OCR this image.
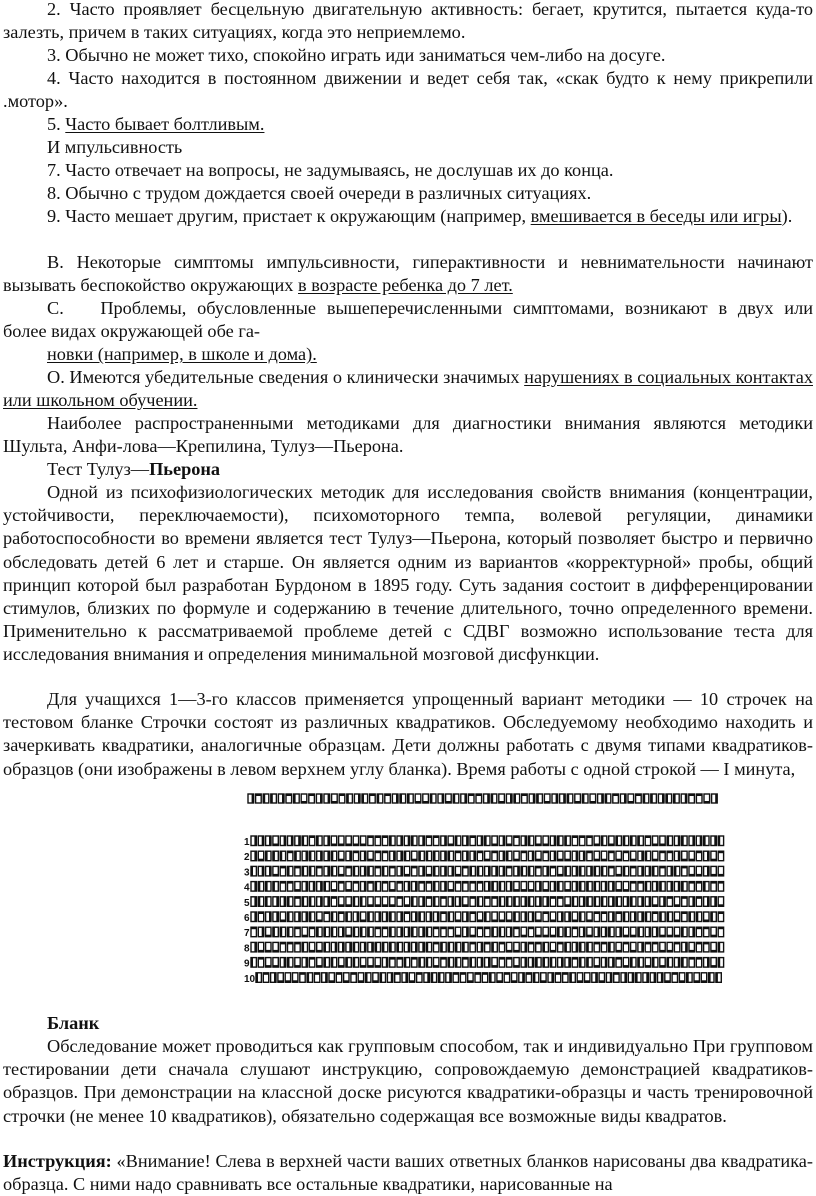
2. Часто проявляет бесцельную двигательную активность: бегает, крутится, пытается куда-то залезть, причем в таких ситуациях, когда это неприемлемо.

3. Обычно не может тихо, спокойно играть иди заниматься чем-либо на досуге.

4. Часто находится в постоянном движении и ведет себя так, «скак будто к нему прикрепили .мотор».

5. Часто бывает болтливым.

И мпульсивность

7. Часто отвечает на вопросы, не задумываясь, не дослушав их до конца.

8. Обычно с трудом дождается своей очереди в различных ситуациях.

9. Часто мешает другим, пристает к окружающим (например, вмешивается в беседы или игры).

В. Некоторые симптомы импульсивности, гиперактивности и невнимательности начинают вызывать беспокойство окружающих в возрасте ребенка до 7 лет.

С.  Проблемы, обусловленные вышеперечисленными симптомами, возникают в двух или более видах окружающей обе га-

новки (например, в школе и дома).

О. Имеются убедительные сведения о клинически значимых нарушениях в социальных контактах или школьном обучении.

Наиболее распространенными методиками для диагностики внимания являются методики Шульта, Анфи-лова—Крепилина, Тулуз—Пьерона.

Тест Тулуз—Пьерона

Одной из психофизиологических методик для исследования свойств внимания (концентрации, устойчивости, переключаемости), психомоторного темпа, волевой регуляции, динамики работоспособности во времени является тест Тулуз—Пьерона, который позволяет быстро и первично обследовать детей 6 лет и старше. Он является одним из вариантов «корректурной» пробы, общий принцип которой был разработан Бурдоном в 1895 году. Суть задания состоит в дифференцировании стимулов, близких по формуле и содержанию в течение длительного, точно определенного времени. Применительно к рассматриваемой проблеме детей с СДВГ возможно использование теста для исследования внимания и определения минимальной мозговой дисфункции.

Для учащихся 1—3-го классов применяется упрощенный вариант методики — 10 строчек на тестовом бланке Строчки состоят из различных квадратиков. Обследуемому необходимо находить и зачеркивать квадратики, аналогичные образцам. Дети должны работать с двумя типами квадратиков-образцов (они изображены в левом верхнем углу бланка). Время работы с одной строкой — I минута,

1
2
3
4
5
6
7
8
9
10

Бланк

Обследование может проводиться как групповым способом, так и индивидуально При групповом тестировании дети сначала слушают инструкцию, сопровождаемую демонстрацией квадратиков-образцов. При демонстрации на классной доске рисуются квадратики-образцы и часть тренировочной строчки (не менее 10 квадратиков), обязательно содержащая все возможные виды квадратов.

Инструкция: «Внимание! Слева в верхней части ваших ответных бланков нарисованы два квадратика-образца. С ними надо сравнивать все остальные квадратики, нарисованные на
